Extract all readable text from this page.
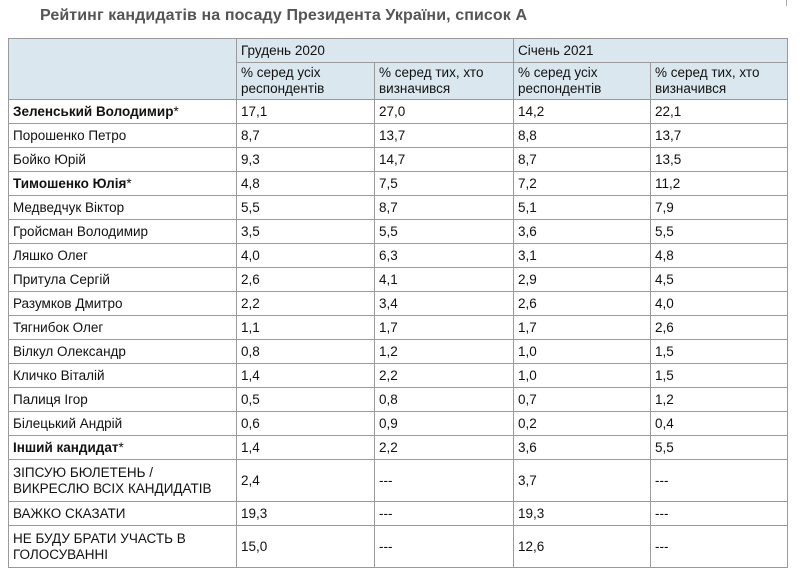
Рейтинг кандидатів на посаду Президента України, список А
	Грудень 2020		Січень 2021	
	% серед усіх респондентів	% серед тих, хто визначився	% серед усіх респондентів	% серед тих, хто визначився
Зеленський Володимир*	17,1	27,0	14,2	22,1
Порошенко Петро	8,7	13,7	8,8	13,7
Бойко Юрій	9,3	14,7	8,7	13,5
Тимошенко Юлія*	4,8	7,5	7,2	11,2
Медведчук Віктор	5,5	8,7	5,1	7,9
Гройсман Володимир	3,5	5,5	3,6	5,5
Ляшко Олег	4,0	6,3	3,1	4,8
Притула Сергій	2,6	4,1	2,9	4,5
Разумков Дмитро	2,2	3,4	2,6	4,0
Тягнибок Олег	1,1	1,7	1,7	2,6
Вілкул Олександр	0,8	1,2	1,0	1,5
Кличко Віталій	1,4	2,2	1,0	1,5
Палиця Ігор	0,5	0,8	0,7	1,2
Білецький Андрій	0,6	0,9	0,2	0,4
Інший кандидат*	1,4	2,2	3,6	5,5
ЗІПСУЮ БЮЛЕТЕНЬ / ВИКРЕСЛЮ ВСІХ КАНДИДАТІВ	2,4	---	3,7	---
ВАЖКО СКАЗАТИ	19,3	---	19,3	---
НЕ БУДУ БРАТИ УЧАСТЬ В ГОЛОСУВАННІ	15,0	---	12,6	---
